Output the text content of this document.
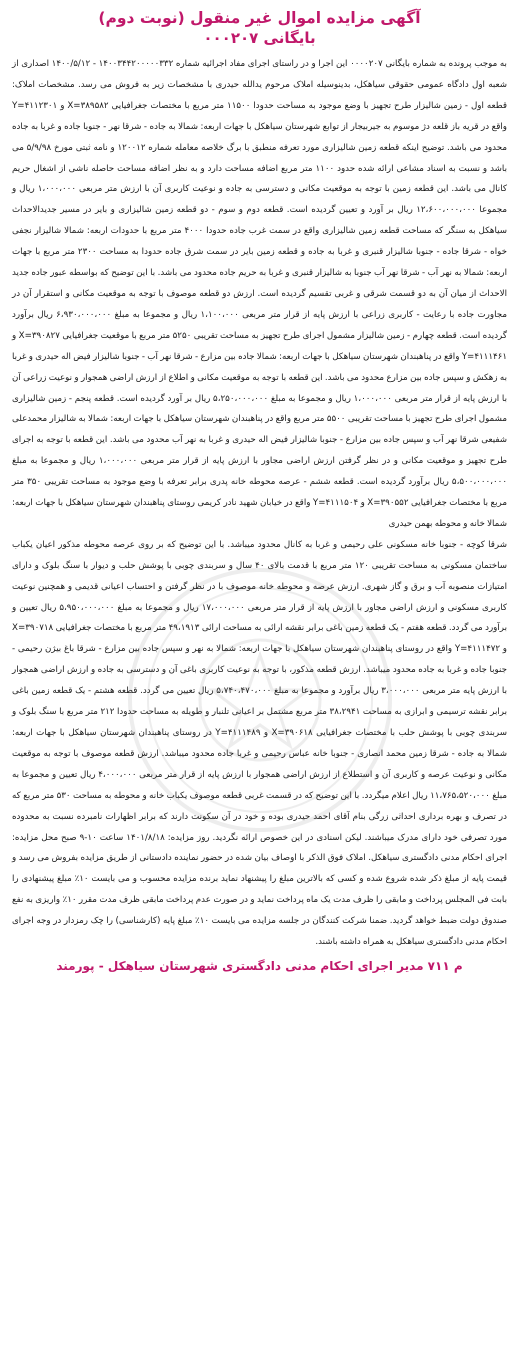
آگهی مزایده اموال غیر منقول (نوبت دوم)

بایگانی ۰۰۰۲۰۷

به موجب پرونده به شماره بایگانی ۰۰۰۰۲۰۷ این اجرا و در راستای اجرای مفاد اجرائیه شماره ۱۴۰۰۳۴۴۲۰۰۰۰۰۳۳۲ - ۱۴۰۰/۵/۱۲ اصداری از شعبه اول دادگاه عمومی حقوقی سیاهکل، بدینوسیله املاک مرحوم یدالله حیدری با مشخصات زیر به فروش می رسد. مشخصات املاک: قطعه اول - زمین شالیزار طرح تجهیز با وضع موجود به مساحت حدودا ۱۱۵۰۰ متر مربع با مختصات جغرافیایی X=۳۸۹۵۸۲ و Y=۴۱۱۲۳۰۱ واقع در قریه باز قلعه دژ موسوم به جیربیجار از توابع شهرستان سیاهکل با جهات اربعه: شمالا به جاده - شرقا نهر - جنوبا جاده و غربا به جاده محدود می باشد. توضیح اینکه قطعه زمین شالیزاری مورد تعرفه منطبق با برگ خلاصه معامله شماره ۱۲۰۰۱۲ و نامه ثبتی مورخ ۵/۹/۹۸ می باشد و نسبت به اسناد مشاعی ارائه شده حدود ۱۱۰۰ متر مربع اضافه مساحت دارد و به نظر اضافه مساحت حاصله ناشی از اشغال حریم کانال می باشد. این قطعه زمین با توجه به موقعیت مکانی و دسترسی به جاده و نوعیت کاربری آن با ارزش متر مربعی ۱،۰۰۰،۰۰۰ ریال و مجموعا ۱۲،۶۰۰،۰۰۰،۰۰۰ ریال بر آورد و تعیین گردیده است. قطعه دوم و سوم - دو قطعه زمین شالیزاری و بایر در مسیر جدیدالاحداث سیاهکل به سنگر که مساحت قطعه زمین شالیزاری واقع در سمت غرب جاده حدودا ۴۰۰۰ متر مربع با حدودات اربعه: شمالا شالیزار نجفی خواه - شرقا جاده - جنوبا شالیزار قنبری و غربا به جاده و قطعه زمین بایر در سمت شرق جاده حدودا به مساحت ۲۳۰۰ متر مربع با جهات اربعه: شمالا به نهر آب - شرقا نهر آب جنوبا به شالیزار قنبری و غربا به حریم جاده محدود می باشد. با این توضیح که بواسطه عبور جاده جدید الاحداث از میان آن به دو قسمت شرقی و غربی تقسیم گردیده است. ارزش دو قطعه موصوف با توجه به موقعیت مکانی و استقرار آن در مجاورت جاده با رعایت - کاربری زراعی با ارزش پایه از قرار متر مربعی ۱،۱۰۰،۰۰۰ ریال و مجموعا به مبلغ ۶،۹۳۰،۰۰۰،۰۰۰ ریال برآورد گردیده است. قطعه چهارم - زمین شالیزار مشمول اجرای طرح تجهیز به مساحت تقریبی ۵۲۵۰ متر مربع با موقعیت جغرافیایی X=۳۹۰۸۲۷ و Y=۴۱۱۱۴۶۱ واقع در پناهبندان شهرستان سیاهکل با جهات اربعه: شمالا جاده بین مزارع - شرقا نهر آب - جنوبا شالیزار فیض اله حیدری و غربا به زهکش و سپس جاده بین مزارع محدود می باشد. این قطعه با توجه به موقعیت مکانی و اطلاع از ارزش اراضی همجوار و نوعیت زراعی آن با ارزش پایه از قرار متر مربعی ۱،۰۰۰،۰۰۰ ریال و مجموعا به مبلغ ۵،۲۵۰،۰۰۰،۰۰۰ ریال بر آورد گردیده است. قطعه پنجم - زمین شالیزاری مشمول اجرای طرح تجهیز با مساحت تقریبی ۵۵۰۰ متر مربع واقع در پناهبندان شهرستان سیاهکل با جهات اربعه: شمالا به شالیزار محمدعلی شفیعی شرقا نهر آب و سپس جاده بین مزارع - جنوبا شالیزار فیض اله حیدری و غربا به نهر آب محدود می باشد. این قطعه با توجه به اجرای طرح تجهیز و موقعیت مکانی و در نظر گرفتن ارزش اراضی مجاور با ارزش پایه از قرار متر مربعی ۱،۰۰۰،۰۰۰ ریال و مجموعا به مبلغ ۵،۵۰۰،۰۰۰،۰۰۰ ریال برآورد گردیده است. قطعه ششم - عرصه محوطه خانه پدری برابر تعرفه با وضع موجود به مساحت تقریبی ۳۵۰ متر مربع با مختصات جغرافیایی X=۳۹۰۵۵۲ و Y=۴۱۱۱۵۰۴ واقع در خیابان شهید نادر کریمی روستای پناهبندان شهرستان سیاهکل با جهات اربعه: شمالا خانه و محوطه بهمن حیدری

شرقا کوچه - جنوبا خانه مسکونی علی رحیمی و غربا به کانال محدود میباشد. با این توضیح که بر روی عرصه محوطه مذکور اعیان یکباب ساختمان مسکونی به مساحت تقریبی ۱۲۰ متر مربع با قدمت بالای ۴۰ سال و سربندی چوبی با پوشش حلب و دیوار با سنگ بلوک و دارای امتیازات منصوبه آب و برق و گاز شهری. ارزش عرصه و محوطه خانه موصوف با در نظر گرفتن و احتساب اعیانی قدیمی و همچنین نوعیت کاربری مسکونی و ارزش اراضی مجاور با ارزش پایه از قرار متر مربعی ۱۷،۰۰۰،۰۰۰ ریال و مجموعا به مبلغ ۵،۹۵۰،۰۰۰،۰۰۰ ریال تعیین و برآورد می گردد. قطعه هفتم - یک قطعه زمین باغی برابر نقشه ارائی به مساحت ارائی ۴۹،۱۹۱۳ متر مربع با مختصات جغرافیایی X=۳۹۰۷۱۸ و Y=۴۱۱۱۴۷۲ واقع در روستای پناهبندان شهرستان سیاهکل با جهات اربعه: شمالا به نهر و سپس جاده بین مزارع - شرقا باغ بیژن رحیمی - جنوبا جاده و غربا به جاده محدود میباشد. ارزش قطعه مذکور، با توجه به نوعیت کاربری باغی آن و دسترسی به جاده و ارزش اراضی همجوار با ارزش پایه متر مربعی ۳،۰۰۰،۰۰۰ ریال برآورد و مجموعا به مبلغ ۵،۷۴۰،۴۷۰،۰۰۰ ریال تعیین می گردد. قطعه هشتم - یک قطعه زمین باغی برابر نقشه ترسیمی و ابرازی به مساحت ۳۸،۲۹۴۱ متر مربع مشتمل بر اعیانی تلنبار و طویله به مساحت حدودا ۲۱۲ متر مربع با سنگ بلوک و سربندی چوبی با پوشش حلب با مختصات جغرافیایی X=۳۹۰۶۱۸ و Y=۴۱۱۱۴۸۹ در روستای پناهبندان شهرستان سیاهکل با جهات اربعه: شمالا به جاده - شرقا زمین محمد انصاری - جنوبا خانه عباس رحیمی و غربا جاده محدود میباشد. ارزش قطعه موصوف با توجه به موقعیت مکانی و نوعیت عرصه و کاربری آن و استطلاع از ارزش اراضی همجوار با ارزش پایه از قرار متر مربعی ۴،۰۰۰،۰۰۰ ریال تعیین و مجموعا به مبلغ ۱۱،۷۶۵،۵۲۰،۰۰۰ ریال اعلام میگردد. با این توضیح که در قسمت غربی قطعه موصوف یکباب خانه و محوطه به مساحت ۵۳۰ متر مربع که در تصرف و بهره برداری احداثی زرگی بنام آقای احمد حیدری بوده و خود در آن سکونت دارند که برابر اظهارات نامبرده نسبت به محدوده مورد تصرفی خود دارای مدرک میباشند. لیکن اسنادی در این خصوص ارائه نگردید. روز مزایده: ۱۴۰۱/۸/۱۸ ساعت ۱۰-۹ صبح محل مزایده: اجرای احکام مدنی دادگستری سیاهکل. املاک فوق الذکر با اوصاف بیان شده در حضور نماینده دادستانی از طریق مزایده بفروش می رسد و قیمت پایه از مبلغ ذکر شده شروع شده و کسی که بالاترین مبلغ را پیشنهاد نماید برنده مزایده محسوب و می بایست ۱۰٪ مبلغ پیشنهادی را بابت فی المجلس پرداخت و مابقی را ظرف مدت یک ماه پرداخت نماید و در صورت عدم پرداخت مابقی ظرف مدت مقرر ۱۰٪ واریزی به نفع صندوق دولت ضبط خواهد گردید. ضمنا شرکت کنندگان در جلسه مزایده می بایست ۱۰٪ مبلغ پایه (کارشناسی) را چک رمزدار در وجه اجرای احکام مدنی دادگستری سیاهکل به همراه داشته باشند.

م ۷۱۱ مدیر اجرای احکام مدنی دادگستری شهرستان سیاهکل - پورمند
